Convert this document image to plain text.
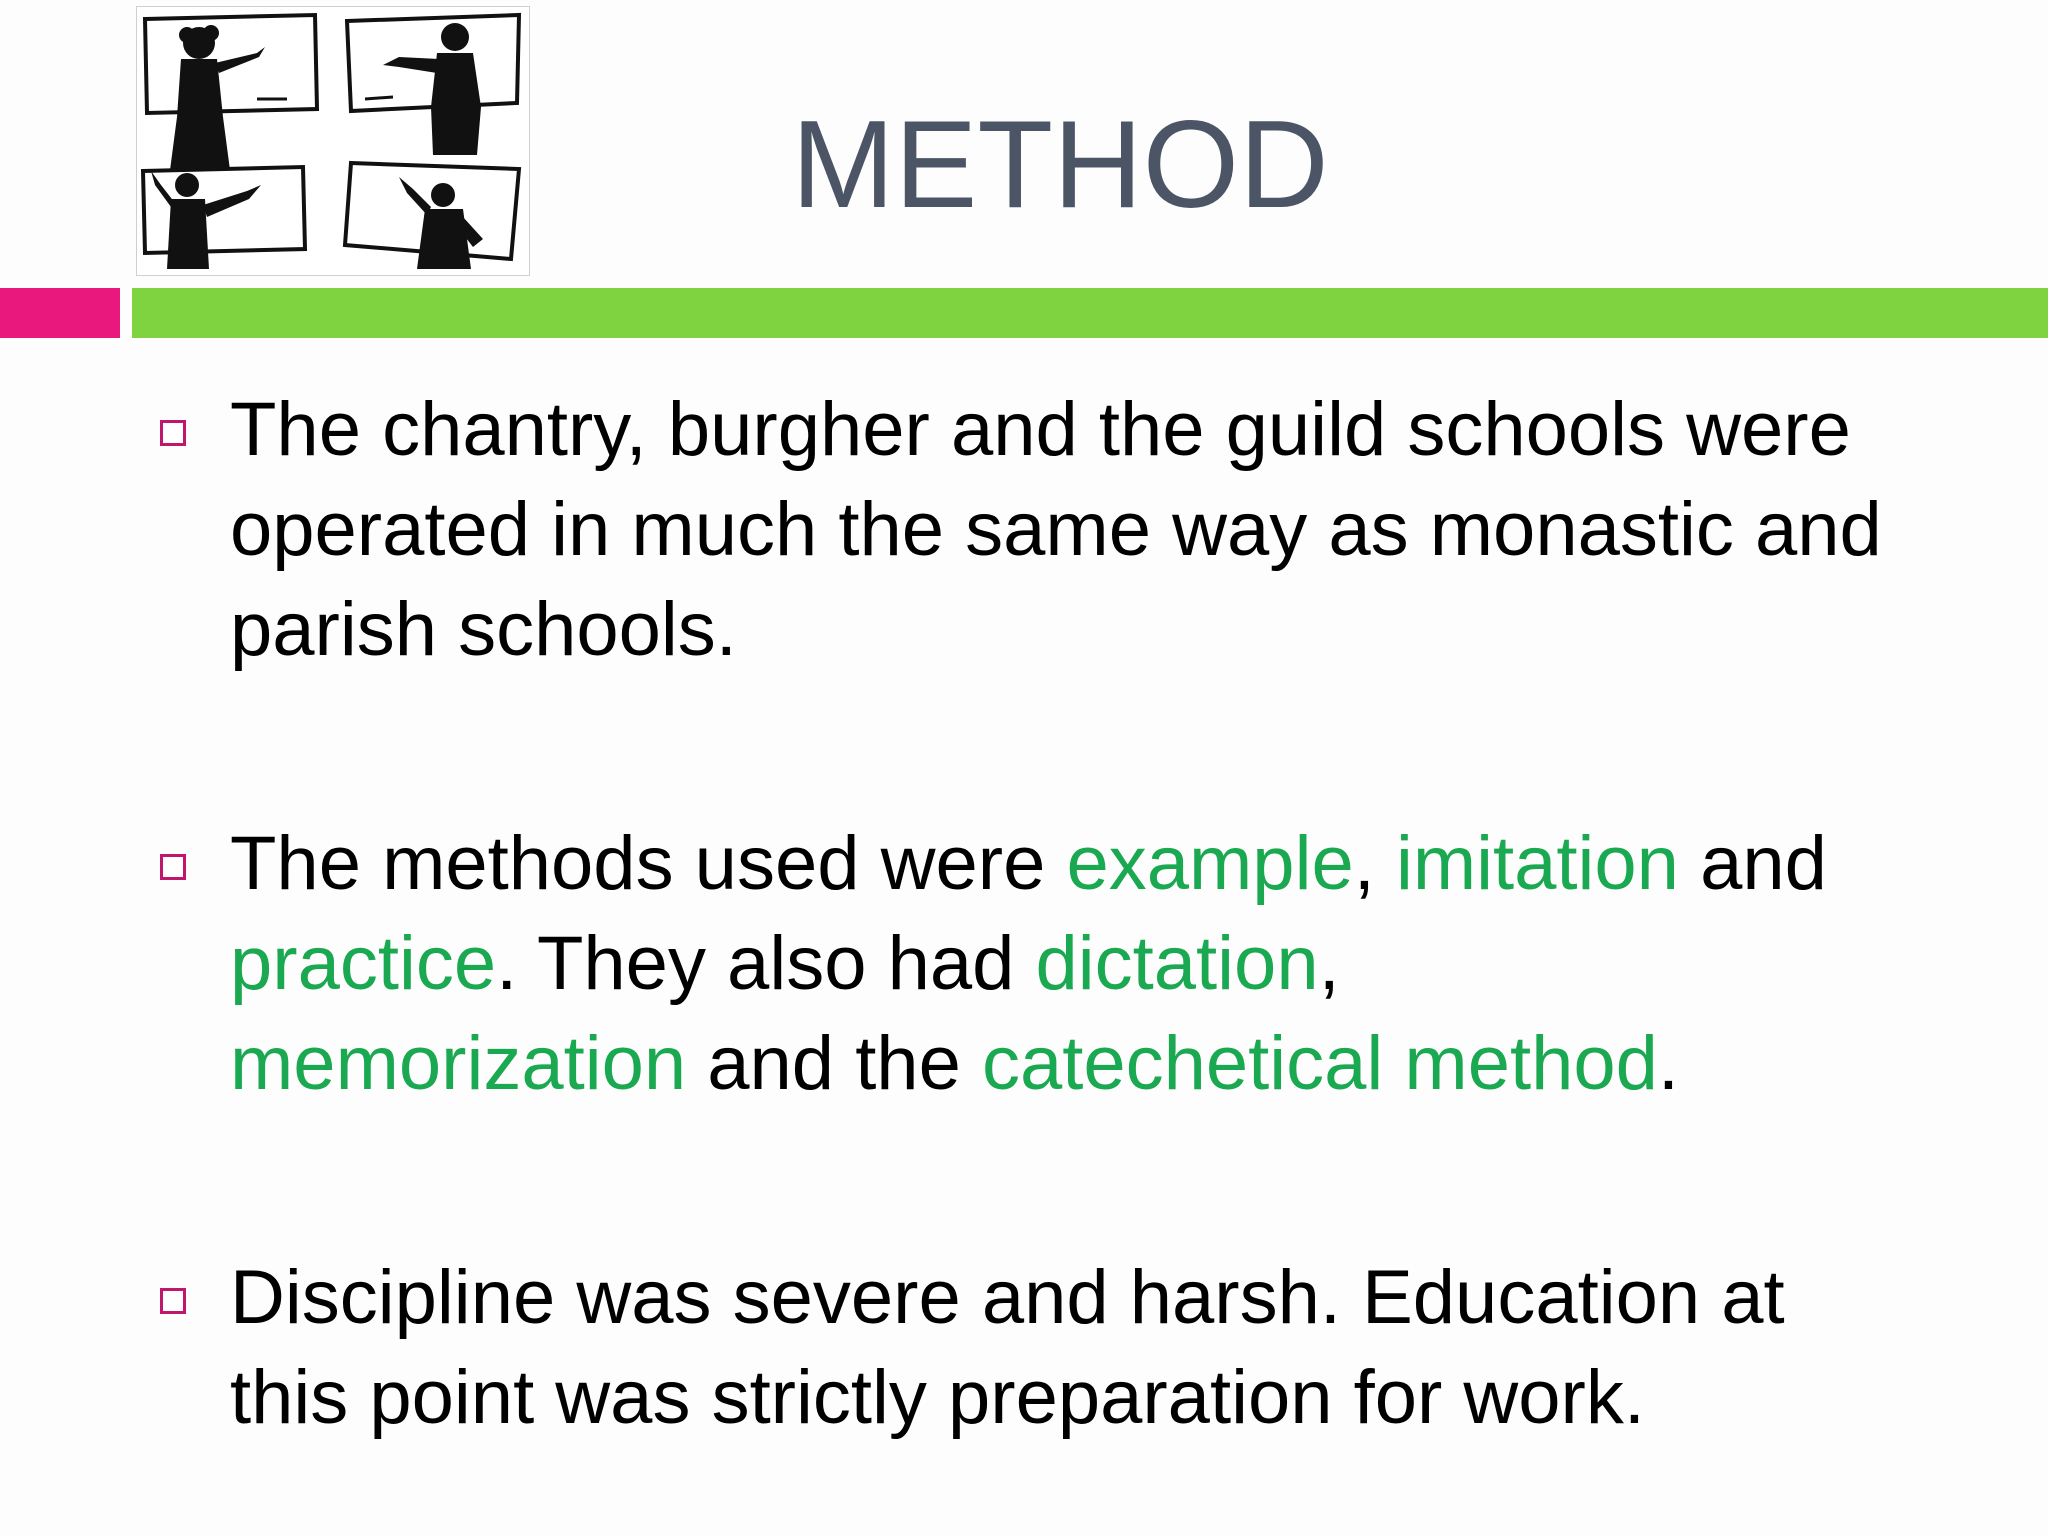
METHOD
The chantry, burgher and the guild schools were operated in much the same way as monastic and parish schools.
The methods used were example, imitation and practice. They also had dictation,
memorization and the catechetical method.
Discipline was severe and harsh. Education at this point was strictly preparation for work.
